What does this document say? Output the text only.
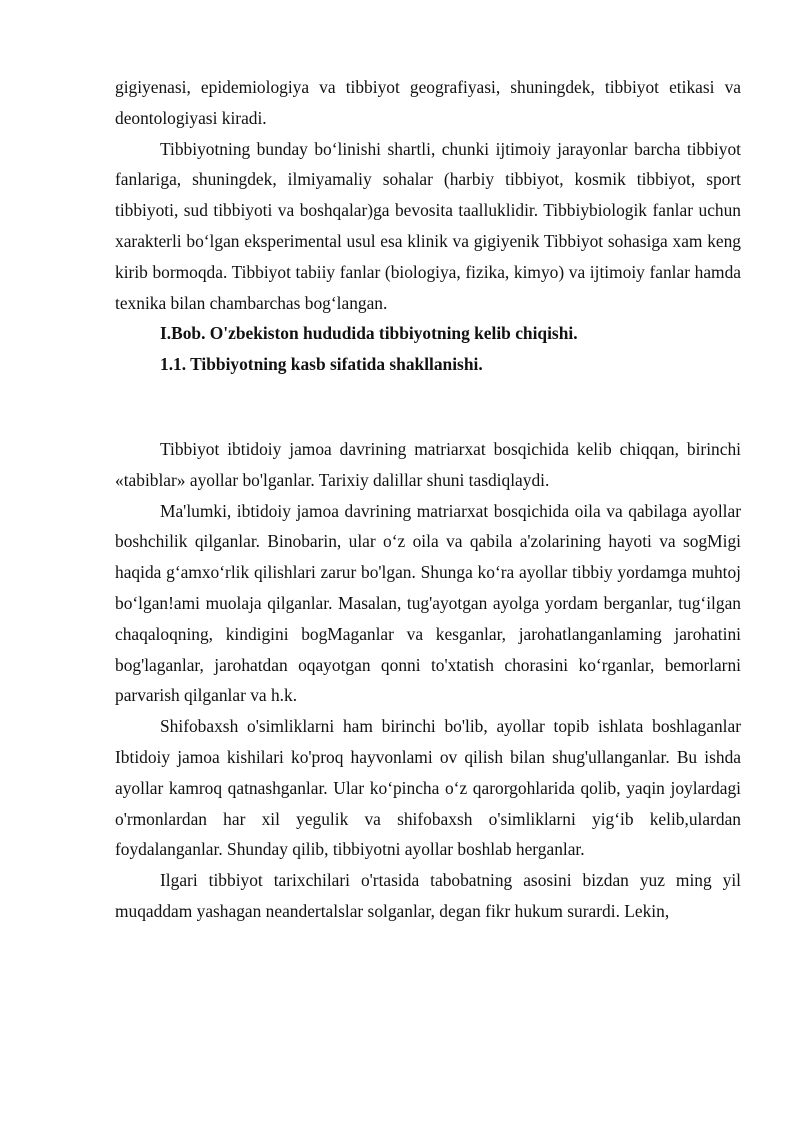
gigiyenasi, epidemiologiya va tibbiyot geografiyasi, shuningdek, tibbiyot etikasi va deontologiyasi kiradi.

Tibbiyotning bunday bo‘linishi shartli, chunki ijtimoiy jarayonlar barcha tibbiyot fanlariga, shuningdek, ilmiyamaliy sohalar (harbiy tibbiyot, kosmik tibbiyot, sport tibbiyoti, sud tibbiyoti va boshqalar)ga bevosita taalluklidir. Tibbiybiologik fanlar uchun xarakterli bo‘lgan eksperimental usul esa klinik va gigiyenik Tibbiyot sohasiga xam keng kirib bormoqda. Tibbiyot tabiiy fanlar (biologiya, fizika, kimyo) va ijtimoiy fanlar hamda texnika bilan chambarchas bog‘langan.

I.Bob. O'zbekiston hududida tibbiyotning kelib chiqishi.

1.1. Tibbiyotning kasb sifatida shakllanishi.

Tibbiyot ibtidoiy jamoa davrining matriarxat bosqichida kelib chiqqan, birinchi «tabiblar» ayollar bo'lganlar. Tarixiy dalillar shuni tasdiqlaydi.

Ma'lumki, ibtidoiy jamoa davrining matriarxat bosqichida oila va qabilaga ayollar boshchilik qilganlar. Binobarin, ular o‘z oila va qabila a'zolarining hayoti va sogMigi haqida g‘amxo‘rlik qilishlari zarur bo'lgan. Shunga ko‘ra ayollar tibbiy yordamga muhtoj bo‘lgan!ami muolaja qilganlar. Masalan, tug'ayotgan ayolga yordam berganlar, tug‘ilgan chaqaloqning, kindigini bogMaganlar va kesganlar, jarohatlanganlaming jarohatini bog'laganlar, jarohatdan oqayotgan qonni to'xtatish chorasini ko‘rganlar, bemorlarni parvarish qilganlar va h.k.

Shifobaxsh o'simliklarni ham birinchi bo'lib, ayollar topib ishlata boshlaganlar Ibtidoiy jamoa kishilari ko'proq hayvonlami ov qilish bilan shug'ullanganlar. Bu ishda ayollar kamroq qatnashganlar. Ular ko‘pincha o‘z qarorgohlarida qolib, yaqin joylardagi o'rmonlardan har xil yegulik va shifobaxsh o'simliklarni yig‘ib kelib,ulardan foydalanganlar. Shunday qilib, tibbiyotni ayollar boshlab herganlar.

Ilgari tibbiyot tarixchilari o'rtasida tabobatning asosini bizdan yuz ming yil muqaddam yashagan neandertalslar solganlar, degan fikr hukum surardi. Lekin,
